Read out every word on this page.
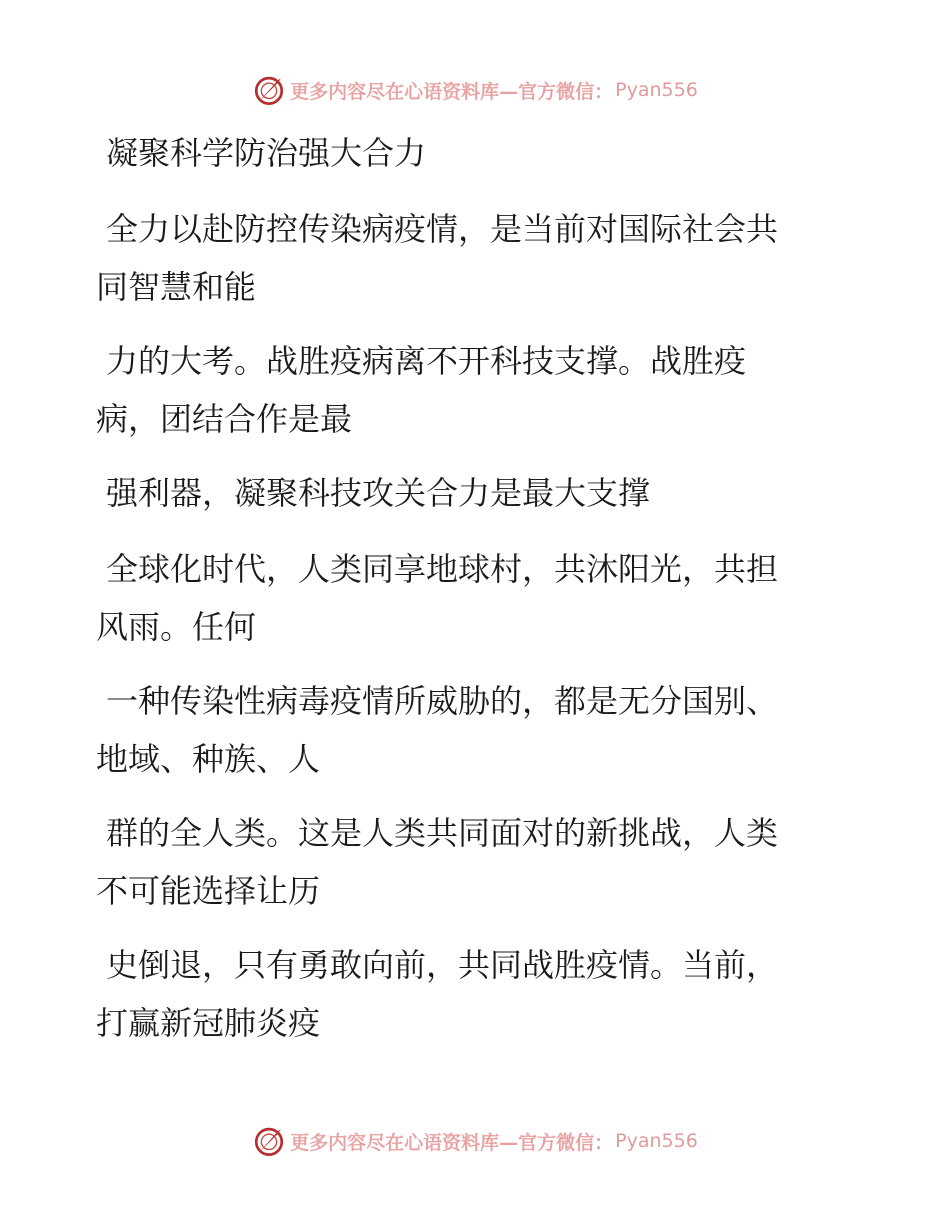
更多内容尽在心语资料库—官方微信： Pyan556

凝聚科学防治强大合力

全力以赴防控传染病疫情，是当前对国际社会共
同智慧和能

力的大考。战胜疫病离不开科技支撑。战胜疫
病，团结合作是最

强利器，凝聚科技攻关合力是最大支撑

全球化时代，人类同享地球村，共沐阳光，共担
风雨。任何

一种传染性病毒疫情所威胁的，都是无分国别、
地域、种族、人

群的全人类。这是人类共同面对的新挑战，人类
不可能选择让历

史倒退，只有勇敢向前，共同战胜疫情。当前，
打赢新冠肺炎疫

更多内容尽在心语资料库—官方微信： Pyan556
